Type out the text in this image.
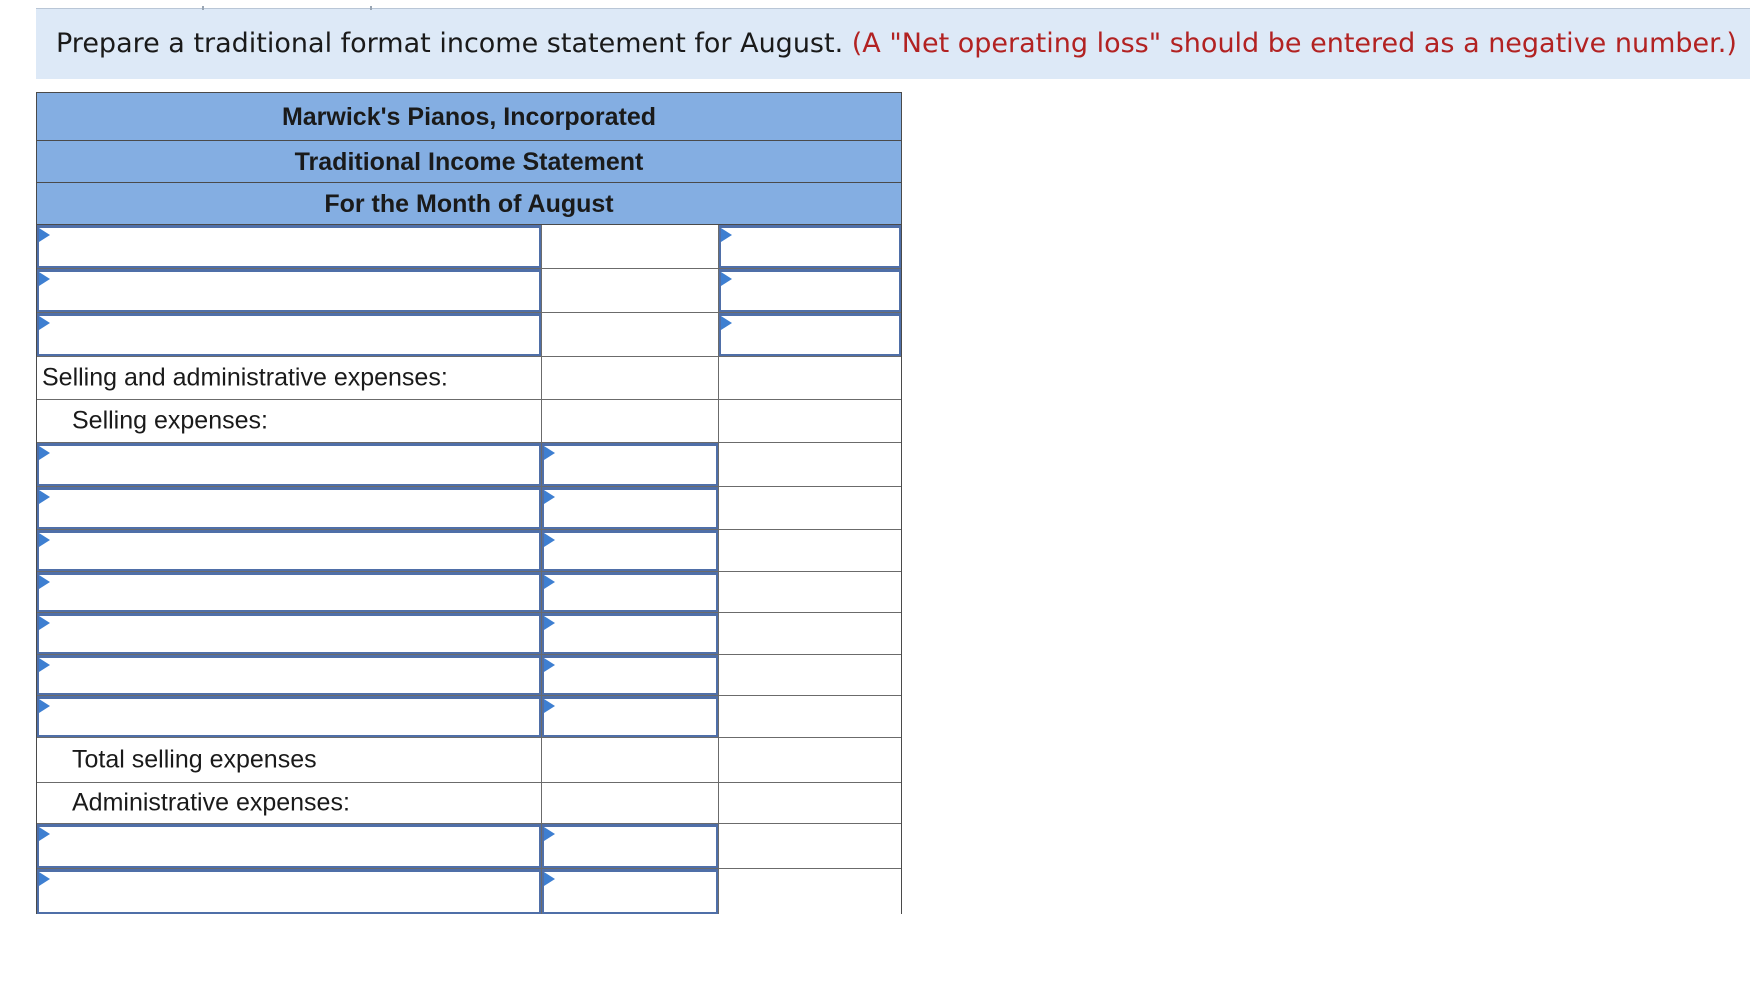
Prepare a traditional format income statement for August. (A "Net operating loss" should be entered as a negative number.)
Marwick's Pianos, Incorporated
Traditional Income Statement
For the Month of August
Selling and administrative expenses:
Selling expenses:
Total selling expenses
Administrative expenses:
